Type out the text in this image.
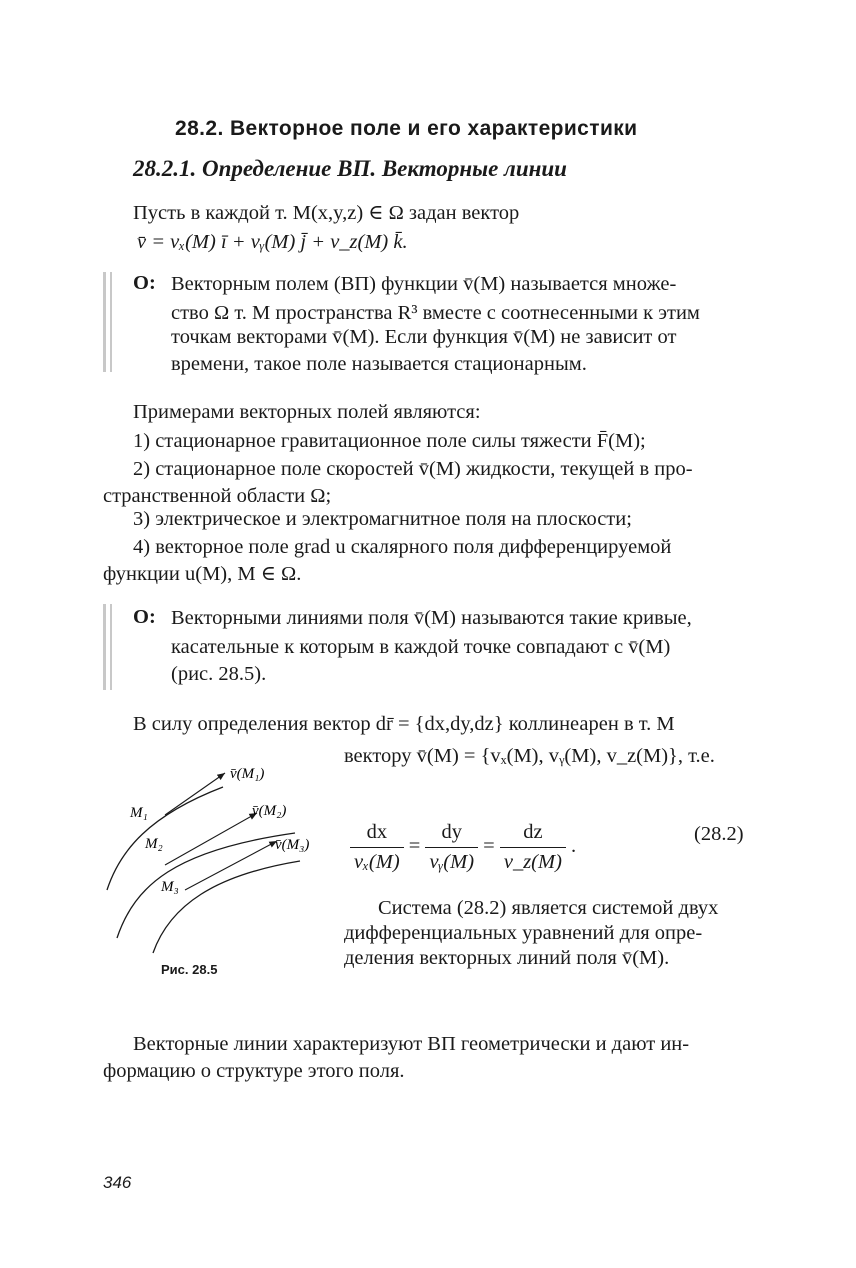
28.2. Векторное поле и его характеристики
28.2.1. Определение ВП. Векторные линии
Пусть в каждой т. M(x,y,z) ∈ Ω задан вектор
v̄ = vₓ(M) ī + vᵧ(M) j̄ + v_z(M) k̄.
О: Векторным полем (ВП) функции v̄(M) называется множе-
ство Ω т. M пространства R³ вместе с соотнесенными к этим
точкам векторами v̄(M). Если функция v̄(M) не зависит от
времени, такое поле называется стационарным.
Примерами векторных полей являются:
1) стационарное гравитационное поле силы тяжести F̄(M);
2) стационарное поле скоростей v̄(M) жидкости, текущей в про-
странственной области Ω;
3) электрическое и электромагнитное поля на плоскости;
4) векторное поле grad u скалярного поля дифференцируемой
функции u(M), M ∈ Ω.
О: Векторными линиями поля v̄(M) называются такие кривые,
касательные к которым в каждой точке совпадают с v̄(M)
(рис. 28.5).
В силу определения вектор dr̄ = {dx,dy,dz} коллинеарен в т. M
вектору v̄(M) = {vₓ(M), vᵧ(M), v_z(M)}, т.е.
$\frac{dx}{\text{vₓ(M)}} = \frac{dy}{\text{vᵧ(M)}} = \frac{dz}{v\_z(M)}$ .
(28.2)
Система (28.2) является системой двух
дифференциальных уравнений для опре-
деления векторных линий поля v̄(M).
v̄(M₁)
v̄(M₂)
v̄(M₃)
M₁
M₂
M₃
Рис. 28.5
Векторные линии характеризуют ВП геометрически и дают ин-
формацию о структуре этого поля.
346
